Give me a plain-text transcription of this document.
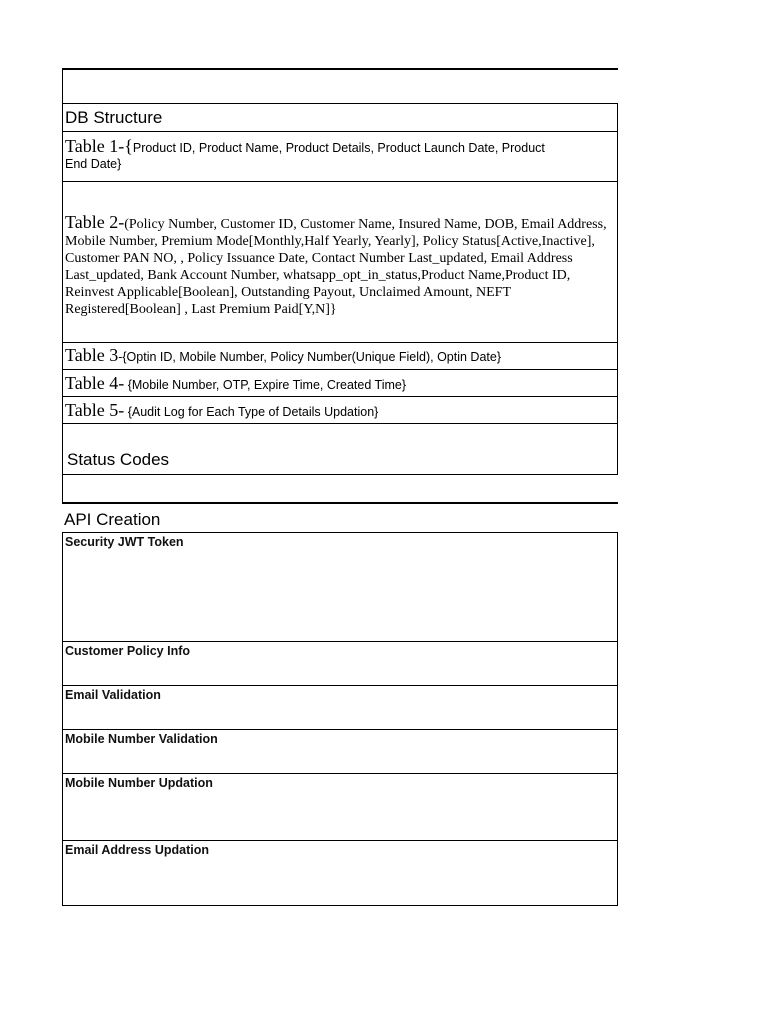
DB Structure
Table 1-{Product ID, Product Name, Product Details, Product Launch Date, Product
End Date}
Table 2-(Policy Number, Customer ID, Customer Name, Insured Name, DOB, Email Address, Mobile Number, Premium Mode[Monthly,Half Yearly, Yearly], Policy Status[Active,Inactive], Customer PAN NO, , Policy Issuance Date, Contact Number Last_updated, Email Address Last_updated, Bank Account Number, whatsapp_opt_in_status,Product Name,Product ID, Reinvest Applicable[Boolean], Outstanding Payout, Unclaimed Amount, NEFT Registered[Boolean] , Last Premium Paid[Y,N]}
Table 3-{Optin ID, Mobile Number, Policy Number(Unique Field), Optin Date}
Table 4- {Mobile Number, OTP, Expire Time, Created Time}
Table 5- {Audit Log for Each Type of Details Updation}
Status Codes
API Creation
Security JWT Token
Customer Policy Info
Email Validation
Mobile Number Validation
Mobile Number Updation
Email Address Updation
